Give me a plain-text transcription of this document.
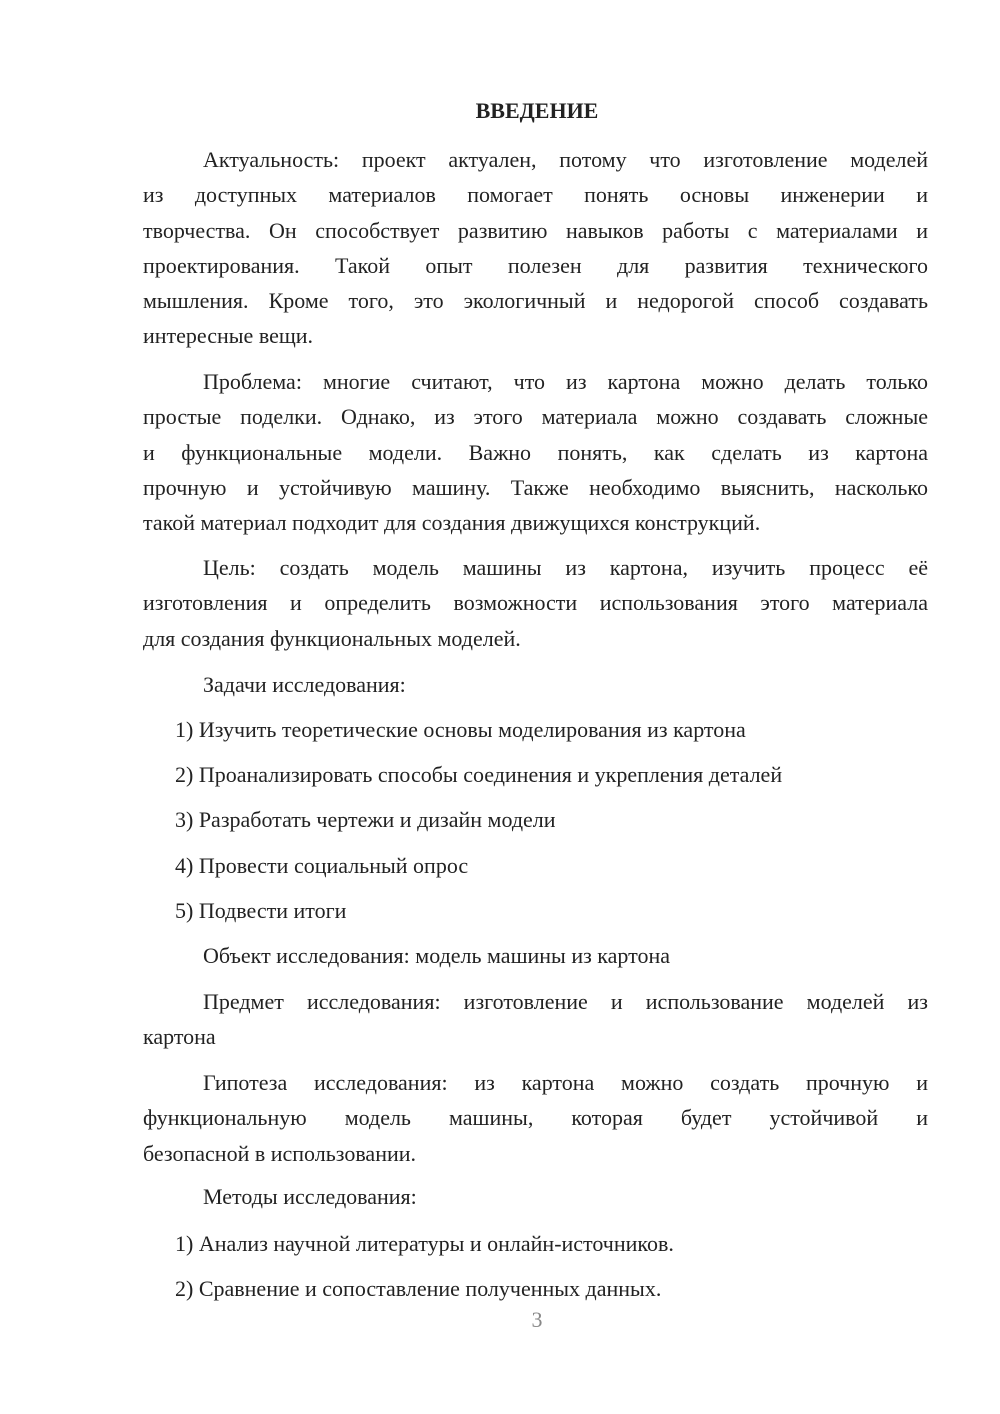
ВВЕДЕНИЕ
Актуальность: проект актуален, потому что изготовление моделей
из доступных материалов помогает понять основы инженерии и
творчества. Он способствует развитию навыков работы с материалами и
проектирования. Такой опыт полезен для развития технического
мышления. Кроме того, это экологичный и недорогой способ создавать
интересные вещи.
Проблема: многие считают, что из картона можно делать только
простые поделки. Однако, из этого материала можно создавать сложные
и функциональные модели. Важно понять, как сделать из картона
прочную и устойчивую машину. Также необходимо выяснить, насколько
такой материал подходит для создания движущихся конструкций.
Цель: создать модель машины из картона, изучить процесс её
изготовления и определить возможности использования этого материала
для создания функциональных моделей.
Задачи исследования:
1) Изучить теоретические основы моделирования из картона
2) Проанализировать способы соединения и укрепления деталей
3) Разработать чертежи и дизайн модели
4) Провести социальный опрос
5) Подвести итоги
Объект исследования: модель машины из картона
Предмет исследования: изготовление и использование моделей из
картона
Гипотеза исследования: из картона можно создать прочную и
функциональную модель машины, которая будет устойчивой и
безопасной в использовании.
Методы исследования:
1) Анализ научной литературы и онлайн-источников.
2) Сравнение и сопоставление полученных данных.
3
